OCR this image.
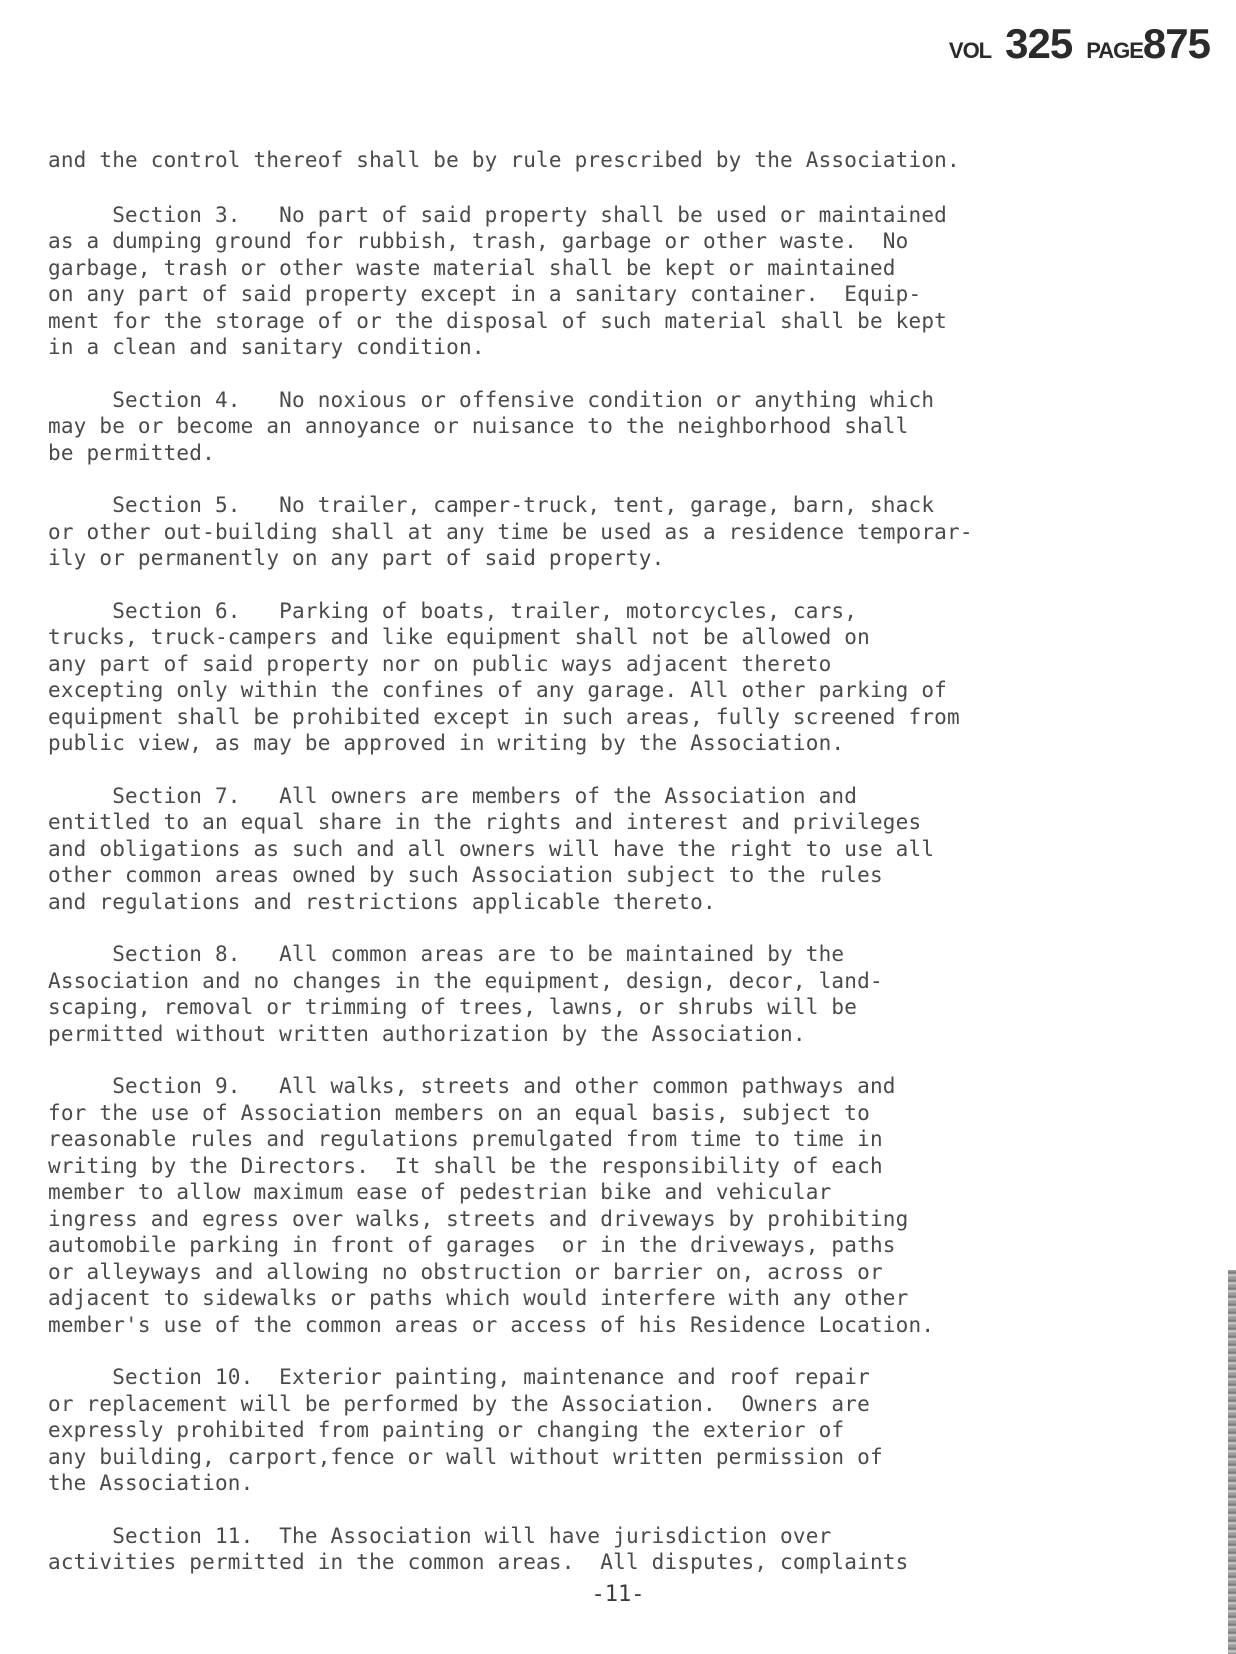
VOL 325 PAGE875
and the control thereof shall be by rule prescribed by the Association.
Section 3.   No part of said property shall be used or maintained
as a dumping ground for rubbish, trash, garbage or other waste.  No
garbage, trash or other waste material shall be kept or maintained
on any part of said property except in a sanitary container.  Equip-
ment for the storage of or the disposal of such material shall be kept
in a clean and sanitary condition.
Section 4.   No noxious or offensive condition or anything which
may be or become an annoyance or nuisance to the neighborhood shall
be permitted.
Section 5.   No trailer, camper-truck, tent, garage, barn, shack
or other out-building shall at any time be used as a residence temporar-
ily or permanently on any part of said property.
Section 6.   Parking of boats, trailer, motorcycles, cars,
trucks, truck-campers and like equipment shall not be allowed on
any part of said property nor on public ways adjacent thereto
excepting only within the confines of any garage. All other parking of
equipment shall be prohibited except in such areas, fully screened from
public view, as may be approved in writing by the Association.
Section 7.   All owners are members of the Association and
entitled to an equal share in the rights and interest and privileges
and obligations as such and all owners will have the right to use all
other common areas owned by such Association subject to the rules
and regulations and restrictions applicable thereto.
Section 8.   All common areas are to be maintained by the
Association and no changes in the equipment, design, decor, land-
scaping, removal or trimming of trees, lawns, or shrubs will be
permitted without written authorization by the Association.
Section 9.   All walks, streets and other common pathways and
for the use of Association members on an equal basis, subject to
reasonable rules and regulations premulgated from time to time in
writing by the Directors.  It shall be the responsibility of each
member to allow maximum ease of pedestrian bike and vehicular
ingress and egress over walks, streets and driveways by prohibiting
automobile parking in front of garages  or in the driveways, paths
or alleyways and allowing no obstruction or barrier on, across or
adjacent to sidewalks or paths which would interfere with any other
member's use of the common areas or access of his Residence Location.
Section 10.  Exterior painting, maintenance and roof repair
or replacement will be performed by the Association.  Owners are
expressly prohibited from painting or changing the exterior of
any building, carport,fence or wall without written permission of
the Association.
Section 11.  The Association will have jurisdiction over
activities permitted in the common areas.  All disputes, complaints
-11-
